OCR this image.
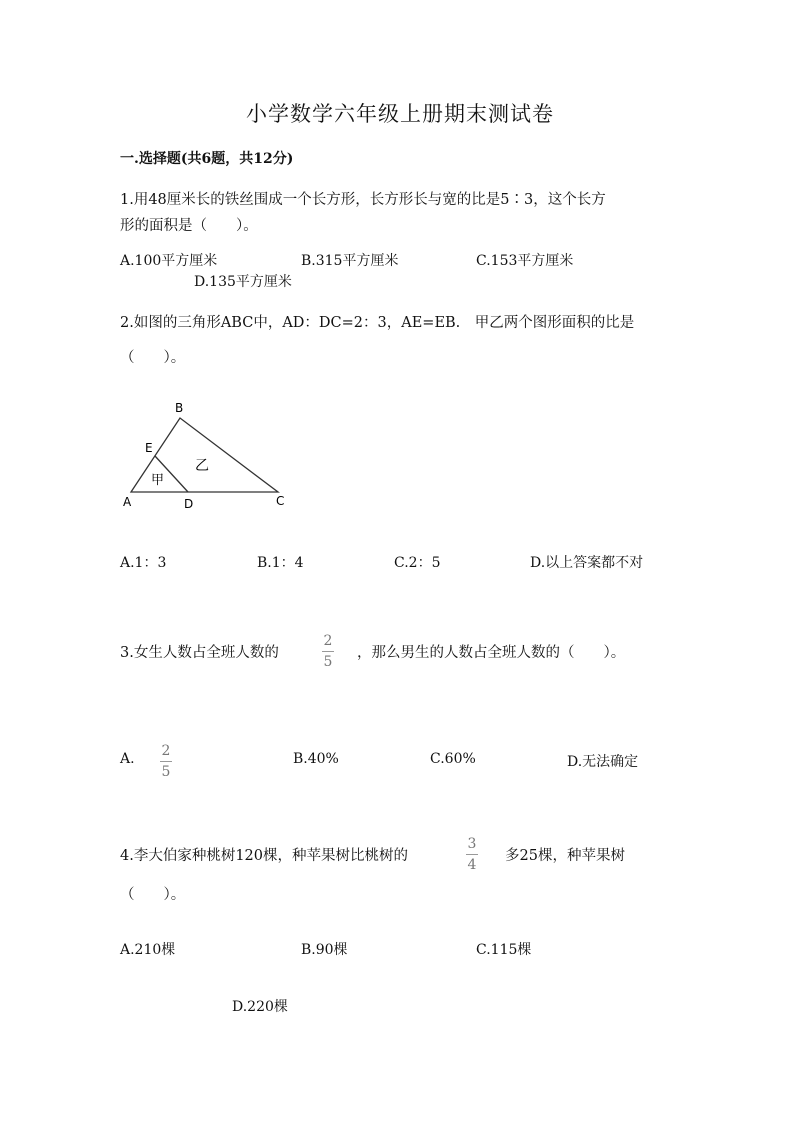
小学数学六年级上册期末测试卷
一.选择题(共6题，共12分)
1.用48厘米长的铁丝围成一个长方形，长方形长与宽的比是5∶3，这个长方
形的面积是（　　）。
A.100平方厘米	B.315平方厘米	C.153平方厘米
D.135平方厘米
2.如图的三角形ABC中，AD：DC=2：3，AE=EB.　甲乙两个图形面积的比是
（　　）。
B
E
乙
甲
A	D	C
A.1：3	B.1：4	C.2：5	D.以上答案都不对
3.女生人数占全班人数的
2
5
，那么男生的人数占全班人数的（　　）。
A. 2
5
B.40%	C.60%	D.无法确定
4.李大伯家种桃树120棵，种苹果树比桃树的
3
4
多25棵，种苹果树
（　　）。
A.210棵	B.90棵	C.115棵
D.220棵
